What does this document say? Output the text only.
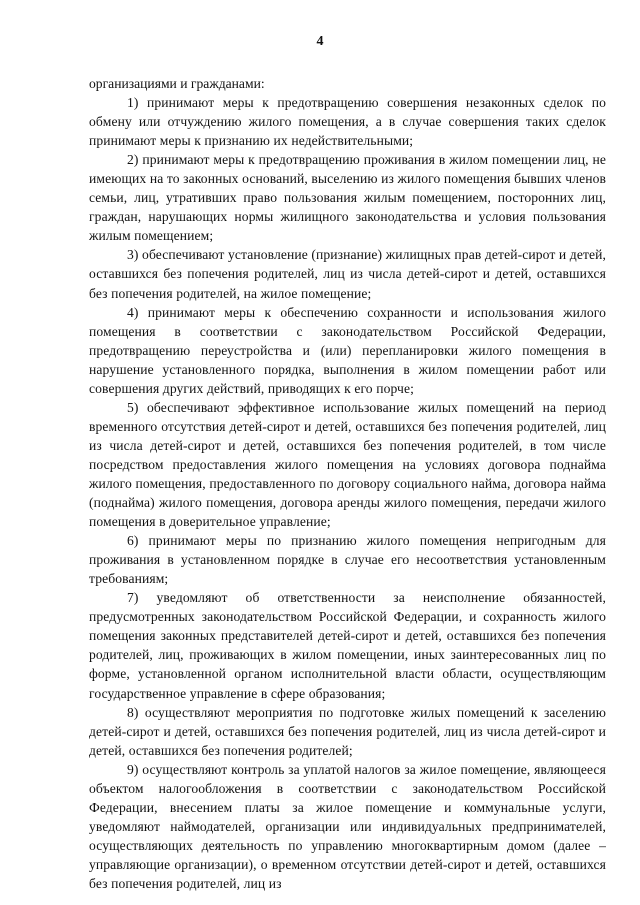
4

организациями и гражданами:

1) принимают меры к предотвращению совершения незаконных сделок по обмену или отчуждению жилого помещения, а в случае совершения таких сделок принимают меры к признанию их недействительными;

2) принимают меры к предотвращению проживания в жилом помещении лиц, не имеющих на то законных оснований, выселению из жилого помещения бывших членов семьи, лиц, утративших право пользования жилым помещением, посторонних лиц, граждан, нарушающих нормы жилищного законодательства и условия пользования жилым помещением;

3) обеспечивают установление (признание) жилищных прав детей-сирот и детей, оставшихся без попечения родителей, лиц из числа детей-сирот и детей, оставшихся без попечения родителей, на жилое помещение;

4) принимают меры к обеспечению сохранности и использования жилого помещения в соответствии с законодательством Российской Федерации, предотвращению переустройства и (или) перепланировки жилого помещения в нарушение установленного порядка, выполнения в жилом помещении работ или совершения других действий, приводящих к его порче;

5) обеспечивают эффективное использование жилых помещений на период временного отсутствия детей-сирот и детей, оставшихся без попечения родителей, лиц из числа детей-сирот и детей, оставшихся без попечения родителей, в том числе посредством предоставления жилого помещения на условиях договора поднайма жилого помещения, предоставленного по договору социального найма, договора найма (поднайма) жилого помещения, договора аренды жилого помещения, передачи жилого помещения в доверительное управление;

6) принимают меры по признанию жилого помещения непригодным для проживания в установленном порядке в случае его несоответствия установленным требованиям;

7) уведомляют об ответственности за неисполнение обязанностей, предусмотренных законодательством Российской Федерации, и сохранность жилого помещения законных представителей детей-сирот и детей, оставшихся без попечения родителей, лиц, проживающих в жилом помещении, иных заинтересованных лиц по форме, установленной органом исполнительной власти области, осуществляющим государственное управление в сфере образования;

8) осуществляют мероприятия по подготовке жилых помещений к заселению детей-сирот и детей, оставшихся без попечения родителей, лиц из числа детей-сирот и детей, оставшихся без попечения родителей;

9) осуществляют контроль за уплатой налогов за жилое помещение, являющееся объектом налогообложения в соответствии с законодательством Российской Федерации, внесением платы за жилое помещение и коммунальные услуги, уведомляют наймодателей, организации или индивидуальных предпринимателей, осуществляющих деятельность по управлению многоквартирным домом (далее – управляющие организации), о временном отсутствии детей-сирот и детей, оставшихся без попечения родителей, лиц из
